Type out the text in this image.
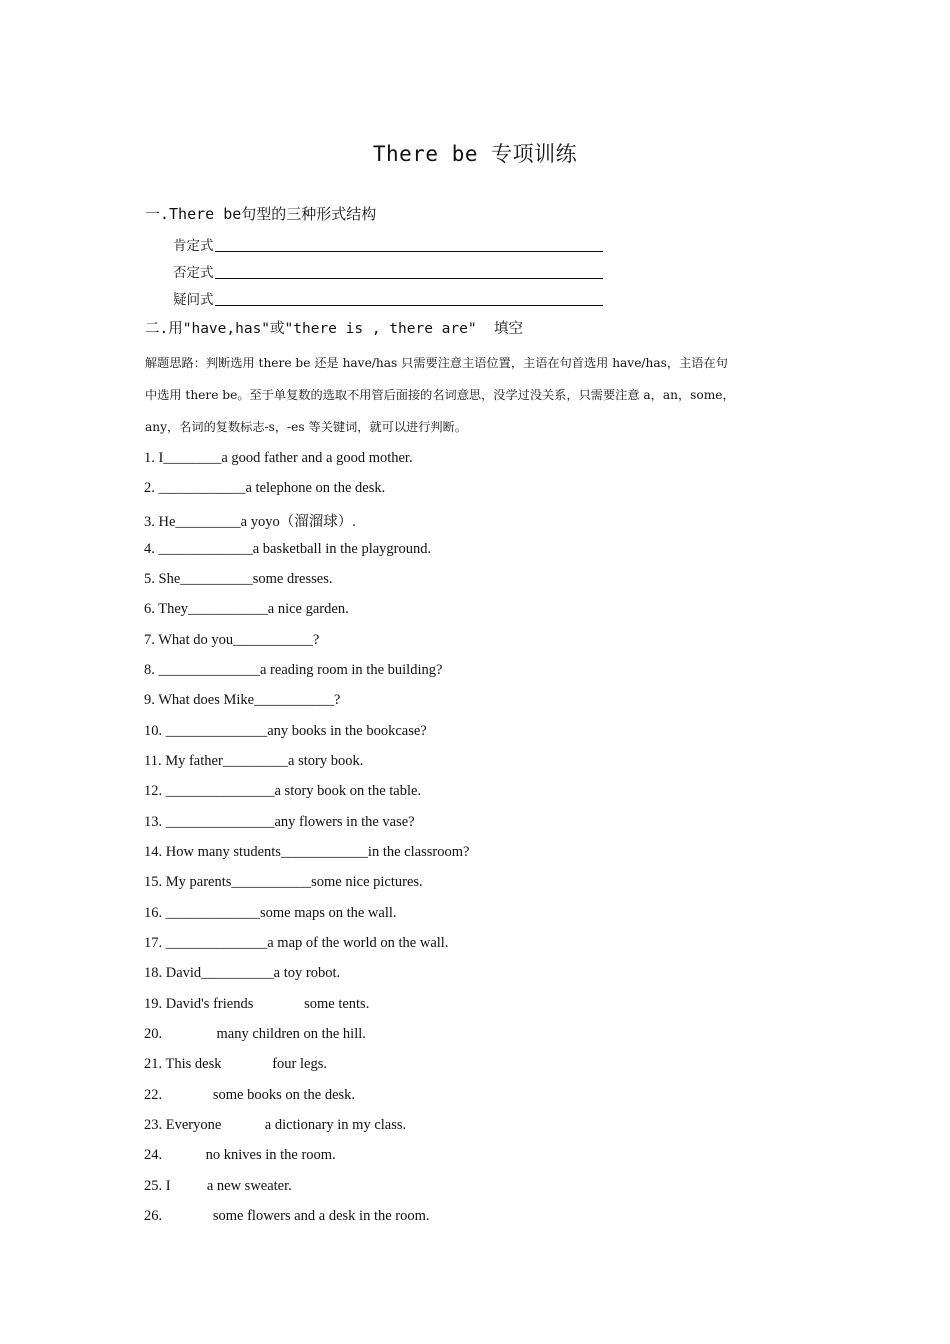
There be 专项训练
一.There be句型的三种形式结构
肯定式
否定式
疑问式
二.用"have,has"或"there is , there are"  填空
解题思路：判断选用 there be 还是 have/has 只需要注意主语位置，主语在句首选用 have/has，主语在句
中选用 there be。至于单复数的选取不用管后面接的名词意思，没学过没关系，只需要注意 a，an，some，
any，名词的复数标志-s，-es 等关键词，就可以进行判断。
1. I________a good father and a good mother.
2. ____________a telephone on the desk.
3. He_________a yoyo（溜溜球）.
4. _____________a basketball in the playground.
5. She__________some dresses.
6. They___________a nice garden.
7. What do you___________?
8. ______________a reading room in the building?
9. What does Mike___________?
10. ______________any books in the bookcase?
11. My father_________a story book.
12. _______________a story book on the table.
13. _______________any flowers in the vase?
14. How many students____________in the classroom?
15. My parents___________some nice pictures.
16. _____________some maps on the wall.
17. ______________a map of the world on the wall.
18. David__________a toy robot.
19. David's friends              some tents.
20.               many children on the hill.
21. This desk              four legs.
22.              some books on the desk.
23. Everyone            a dictionary in my class.
24.            no knives in the room.
25. I          a new sweater.
26.              some flowers and a desk in the room.
